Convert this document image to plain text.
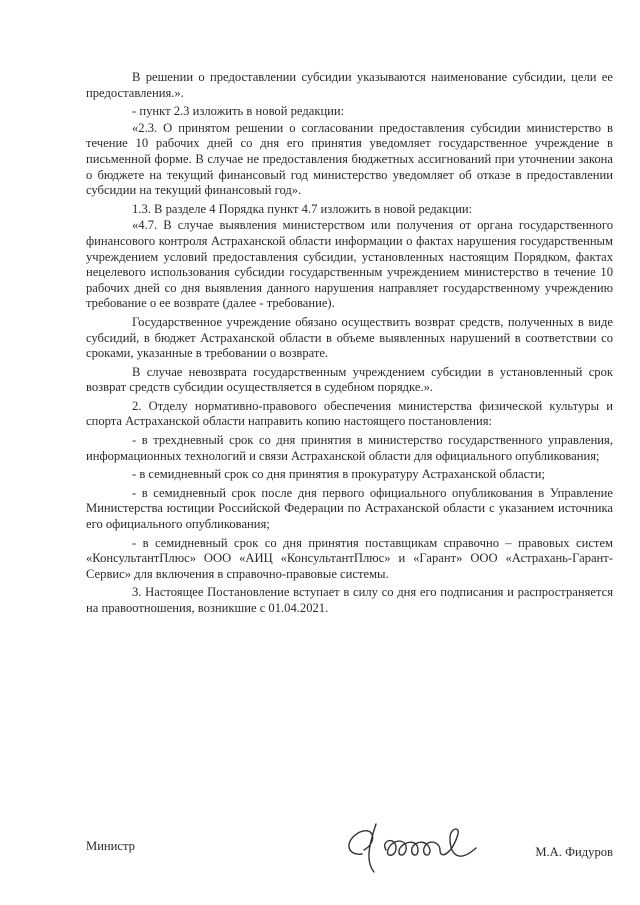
В решении о предоставлении субсидии указываются наименование субсидии, цели ее предоставления.».

- пункт 2.3 изложить в новой редакции:

«2.3. О принятом решении о согласовании предоставления субсидии министерство в течение 10 рабочих дней со дня его принятия уведомляет государственное учреждение в письменной форме. В случае не предоставления бюджетных ассигнований при уточнении закона о бюджете на текущий финансовый год министерство уведомляет об отказе в предоставлении субсидии на текущий финансовый год».

1.3. В разделе 4 Порядка пункт 4.7 изложить в новой редакции:

«4.7. В случае выявления министерством или получения от органа государственного финансового контроля Астраханской области информации о фактах нарушения государственным учреждением условий предоставления субсидии, установленных настоящим Порядком, фактах нецелевого использования субсидии государственным учреждением министерство в течение 10 рабочих дней со дня выявления данного нарушения направляет государственному учреждению требование о ее возврате (далее - требование).

Государственное учреждение обязано осуществить возврат средств, полученных в виде субсидий, в бюджет Астраханской области в объеме выявленных нарушений в соответствии со сроками, указанные в требовании о возврате.

В случае невозврата государственным учреждением субсидии в установленный срок возврат средств субсидии осуществляется в судебном порядке.».

2. Отделу нормативно-правового обеспечения министерства физической культуры и спорта Астраханской области направить копию настоящего постановления:

- в трехдневный срок со дня принятия в министерство государственного управления, информационных технологий и связи Астраханской области для официального опубликования;

- в семидневный срок со дня принятия в прокуратуру Астраханской области;

- в семидневный срок после дня первого официального опубликования в Управление Министерства юстиции Российской Федерации по Астраханской области с указанием источника его официального опубликования;

- в семидневный срок со дня принятия поставщикам справочно – правовых систем «КонсультантПлюс» ООО «АИЦ «КонсультантПлюс» и «Гарант» ООО «Астрахань-Гарант-Сервис» для включения в справочно-правовые системы.

3. Настоящее Постановление вступает в силу со дня его подписания и распространяется на правоотношения, возникшие с 01.04.2021.

Министр	М.А. Фидуров
